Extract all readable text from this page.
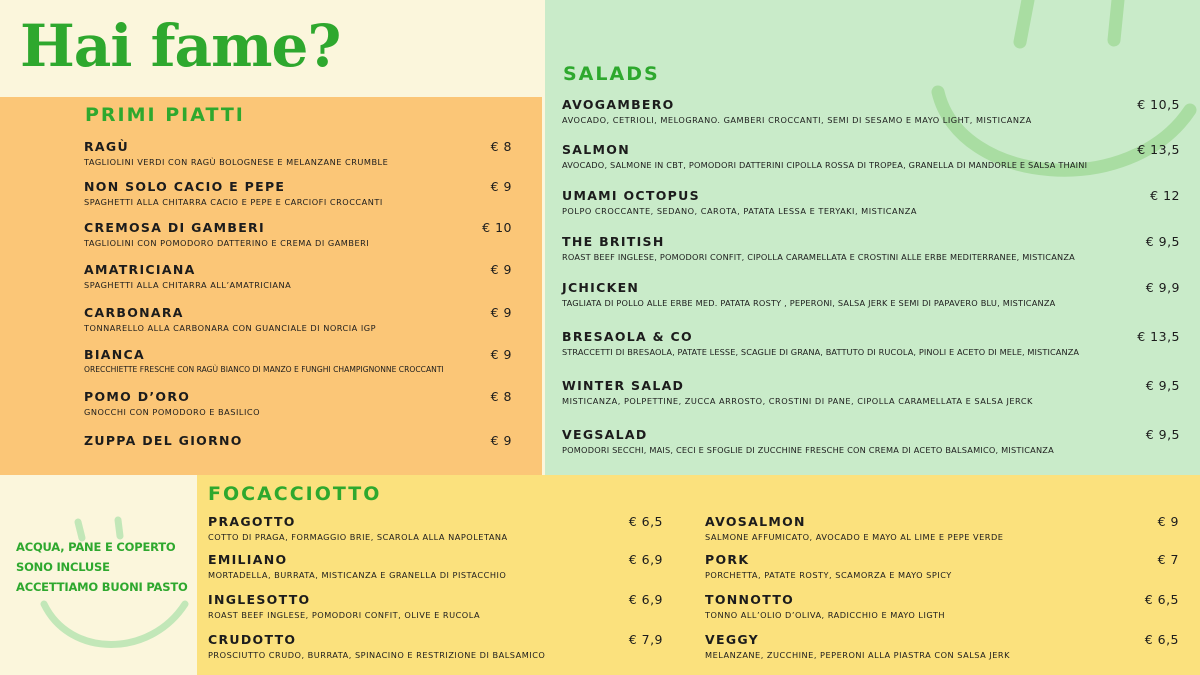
Hai fame?
PRIMI PIATTI
SALADS
FOCACCIOTTO
RAGÙ
TAGLIOLINI VERDI CON RAGÙ BOLOGNESE E MELANZANE CRUMBLE
€ 8
NON SOLO CACIO E PEPE
SPAGHETTI ALLA CHITARRA CACIO E PEPE E CARCIOFI CROCCANTI
€ 9
CREMOSA DI GAMBERI
TAGLIOLINI CON POMODORO DATTERINO E CREMA DI GAMBERI
€ 10
AMATRICIANA
SPAGHETTI ALLA CHITARRA ALL’AMATRICIANA
€ 9
CARBONARA
TONNARELLO ALLA CARBONARA CON GUANCIALE DI NORCIA IGP
€ 9
BIANCA
ORECCHIETTE FRESCHE CON RAGÙ BIANCO DI MANZO E FUNGHI CHAMPIGNONNE CROCCANTI
€ 9
POMO D’ORO
GNOCCHI CON POMODORO E BASILICO
€ 8
ZUPPA DEL GIORNO	€ 9
AVOGAMBERO
AVOCADO, CETRIOLI, MELOGRANO. GAMBERI CROCCANTI, SEMI DI SESAMO E MAYO LIGHT, MISTICANZA
€ 10,5
SALMON
AVOCADO, SALMONE IN CBT, POMODORI DATTERINI CIPOLLA ROSSA DI TROPEA, GRANELLA DI MANDORLE E SALSA THAINI
€ 13,5
UMAMI OCTOPUS
POLPO CROCCANTE, SEDANO, CAROTA, PATATA LESSA E TERYAKI, MISTICANZA
€ 12
THE BRITISH
ROAST BEEF INGLESE, POMODORI CONFIT, CIPOLLA CARAMELLATA E CROSTINI ALLE ERBE MEDITERRANEE, MISTICANZA
€ 9,5
JCHICKEN
TAGLIATA DI POLLO ALLE ERBE MED. PATATA ROSTY , PEPERONI, SALSA JERK E SEMI DI PAPAVERO BLU, MISTICANZA
€ 9,9
BRESAOLA & CO
STRACCETTI DI BRESAOLA, PATATE LESSE, SCAGLIE DI GRANA, BATTUTO DI RUCOLA, PINOLI E ACETO DI MELE, MISTICANZA
€ 13,5
WINTER SALAD
MISTICANZA, POLPETTINE, ZUCCA ARROSTO, CROSTINI DI PANE, CIPOLLA CARAMELLATA E SALSA JERCK
€ 9,5
VEGSALAD
POMODORI SECCHI, MAIS, CECI E SFOGLIE DI ZUCCHINE FRESCHE CON CREMA DI ACETO BALSAMICO, MISTICANZA
€ 9,5
PRAGOTTO
COTTO DI PRAGA, FORMAGGIO BRIE, SCAROLA ALLA NAPOLETANA
€ 6,5
EMILIANO
MORTADELLA, BURRATA, MISTICANZA E GRANELLA DI PISTACCHIO
€ 6,9
INGLESOTTO
ROAST BEEF INGLESE, POMODORI CONFIT, OLIVE E RUCOLA
€ 6,9
CRUDOTTO
PROSCIUTTO CRUDO, BURRATA, SPINACINO E RESTRIZIONE DI BALSAMICO
€ 7,9
AVOSALMON
SALMONE AFFUMICATO, AVOCADO E MAYO AL LIME E PEPE VERDE
€ 9
PORK
PORCHETTA, PATATE ROSTY, SCAMORZA E MAYO SPICY
€ 7
TONNOTTO
TONNO ALL’OLIO D’OLIVA, RADICCHIO E MAYO LIGTH
€ 6,5
VEGGY
MELANZANE, ZUCCHINE, PEPERONI ALLA PIASTRA CON SALSA JERK
€ 6,5
ACQUA, PANE E COPERTO
SONO INCLUSE
ACCETTIAMO BUONI PASTO
